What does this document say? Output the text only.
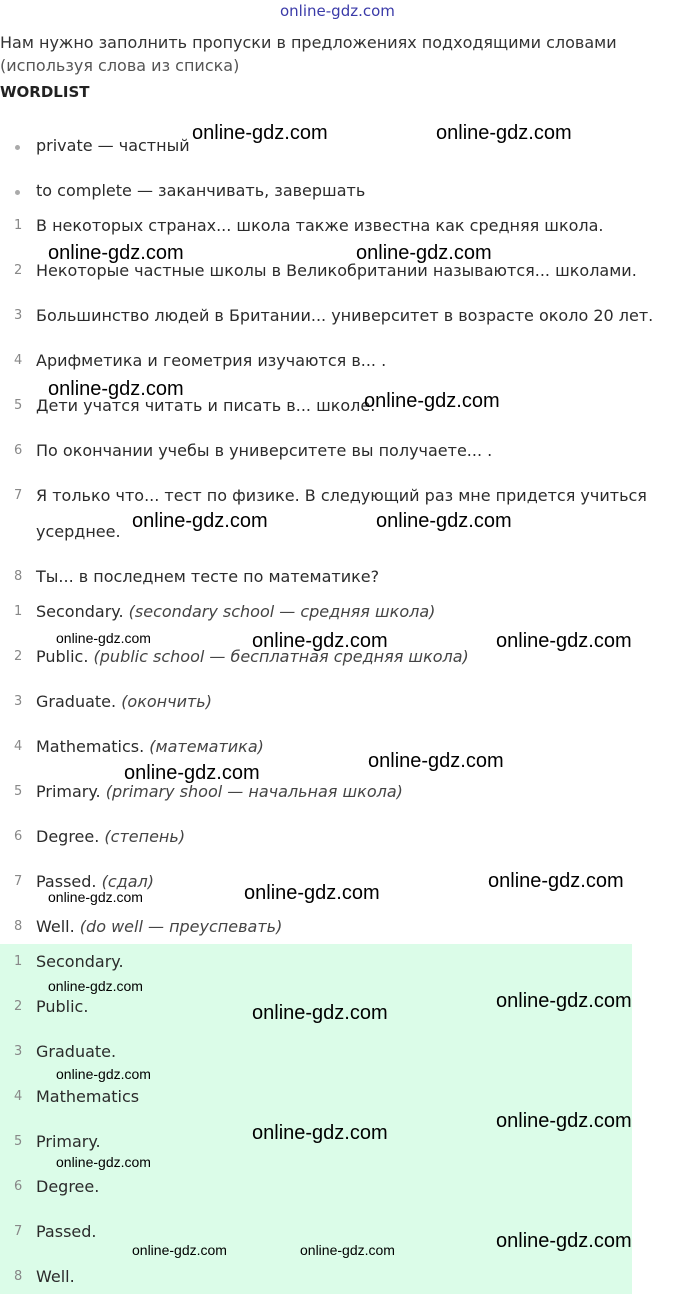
online-gdz.com
Нам нужно заполнить пропуски в предложениях подходящими словами
(используя слова из списка)
WORDLIST
private — частный
to complete — заканчивать, завершать
1 В некоторых странах... школа также известна как средняя школа.
2 Некоторые частные школы в Великобритании называются... школами.
3 Большинство людей в Британии... университет в возрасте около 20 лет.
4 Арифметика и геометрия изучаются в... .
5 Дети учатся читать и писать в... школе.
6 По окончании учебы в университете вы получаете... .
7 Я только что... тест по физике. В следующий раз мне придется учиться усерднее.
8 Ты... в последнем тесте по математике?
1 Secondary. (secondary school — средняя школа)
2 Public. (public school — бесплатная средняя школа)
3 Graduate. (окончить)
4 Mathematics. (математика)
5 Primary. (primary shool — начальная школа)
6 Degree. (степень)
7 Passed. (сдал)
8 Well. (do well — преуспевать)
1 Secondary.
2 Public.
3 Graduate.
4 Mathematics
5 Primary.
6 Degree.
7 Passed.
8 Well.
online-gdz.com	online-gdz.com
online-gdz.com	online-gdz.com
online-gdz.com
online-gdz.com
online-gdz.com	online-gdz.com
online-gdz.com	online-gdz.com	online-gdz.com
online-gdz.com
online-gdz.com
online-gdz.com	online-gdz.com
online-gdz.com
online-gdz.com
online-gdz.com
online-gdz.com
online-gdz.com
online-gdz.com
online-gdz.com
online-gdz.com
online-gdz.com	online-gdz.com	online-gdz.com
